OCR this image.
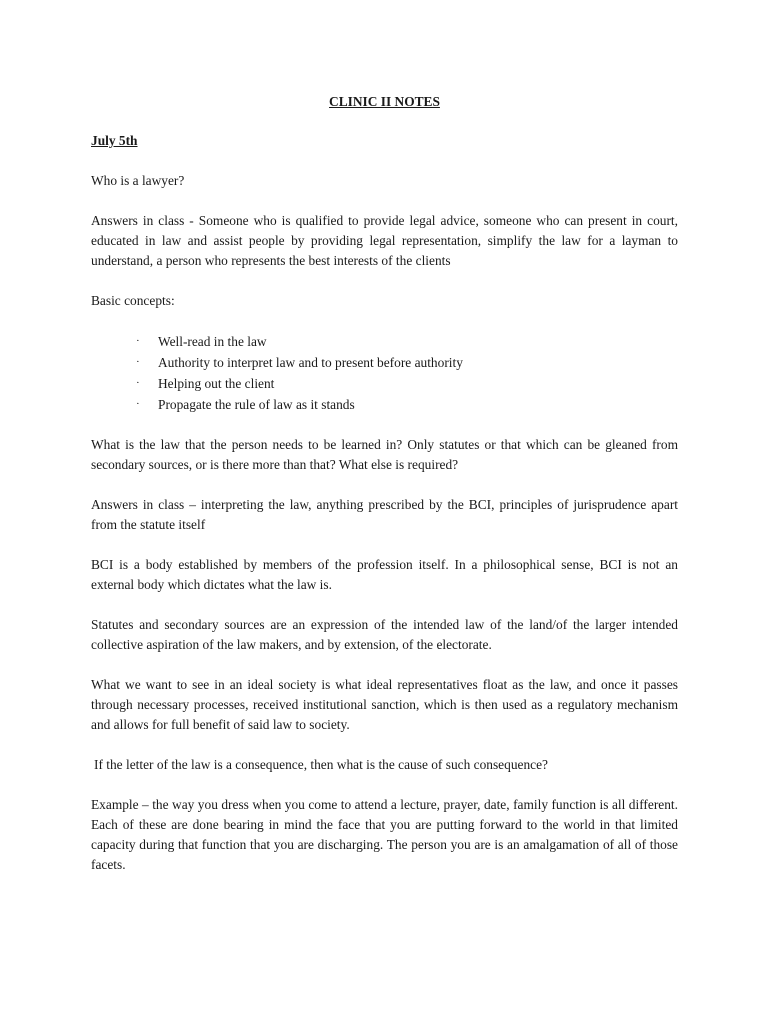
CLINIC II NOTES
July 5th

Who is a lawyer?

Answers in class - Someone who is qualified to provide legal advice, someone who can present in court, educated in law and assist people by providing legal representation, simplify the law for a layman to understand, a person who represents the best interests of the clients

Basic concepts:

· Well-read in the law
· Authority to interpret law and to present before authority
· Helping out the client
· Propagate the rule of law as it stands

What is the law that the person needs to be learned in? Only statutes or that which can be gleaned from secondary sources, or is there more than that? What else is required?

Answers in class – interpreting the law, anything prescribed by the BCI, principles of jurisprudence apart from the statute itself

BCI is a body established by members of the profession itself. In a philosophical sense, BCI is not an external body which dictates what the law is.

Statutes and secondary sources are an expression of the intended law of the land/of the larger intended collective aspiration of the law makers, and by extension, of the electorate.

What we want to see in an ideal society is what ideal representatives float as the law, and once it passes through necessary processes, received institutional sanction, which is then used as a regulatory mechanism and allows for full benefit of said law to society.

If the letter of the law is a consequence, then what is the cause of such consequence?

Example – the way you dress when you come to attend a lecture, prayer, date, family function is all different. Each of these are done bearing in mind the face that you are putting forward to the world in that limited capacity during that function that you are discharging. The person you are is an amalgamation of all of those facets.
